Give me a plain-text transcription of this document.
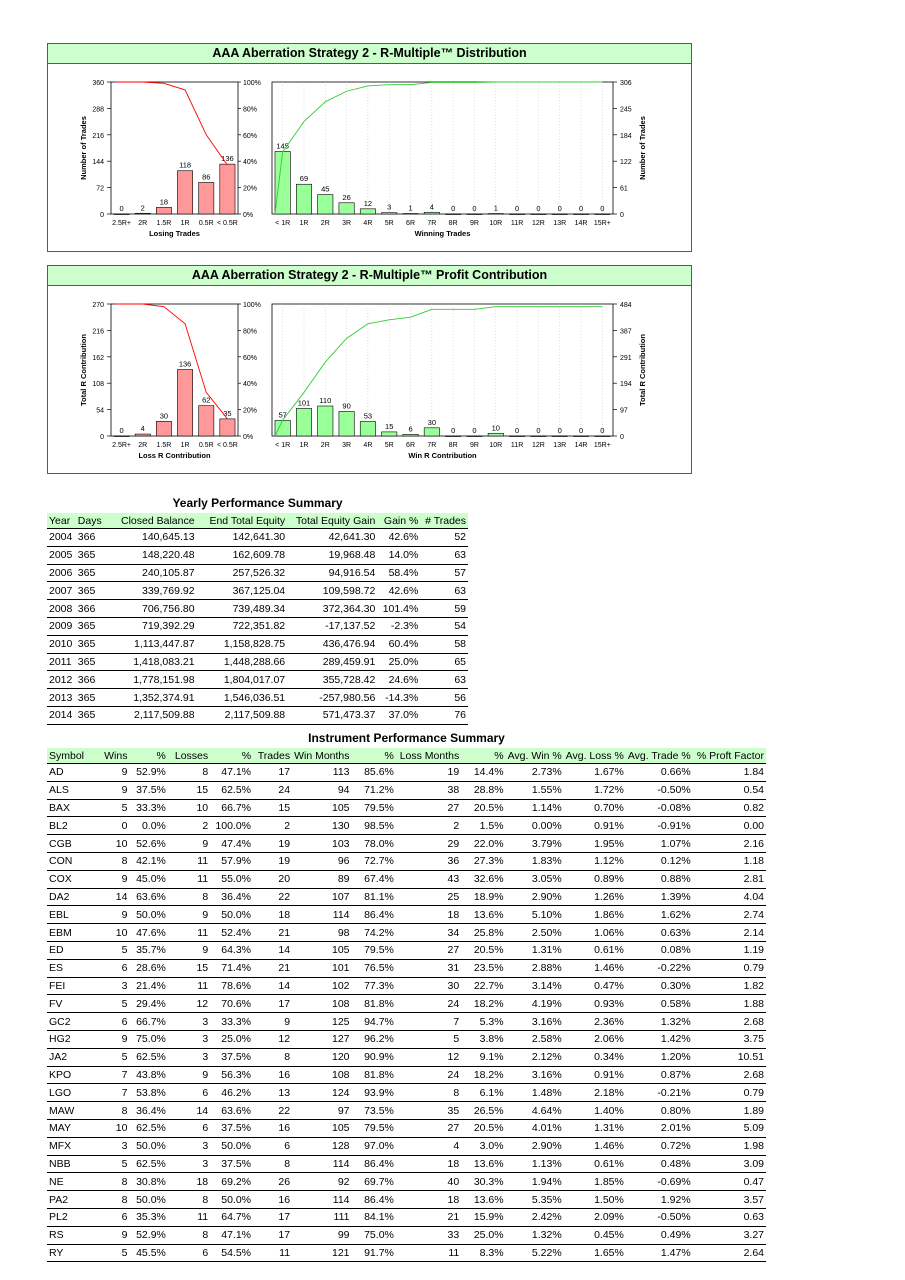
AAA Aberration Strategy 2 - R-Multiple™ Distribution
0
72
144
216
288
360
0%
20%
40%
60%
80%
100%
Number of Trades
0
2.5R+
2
2R
18
1.5R
118
1R
86
0.5R
136
< 0.5R
Losing Trades
0
61
122
184
245
306
Number of Trades
145
< 1R
69
1R
45
2R
26
3R
12
4R
3
5R
1
6R
4
7R
0
8R
0
9R
1
10R
0
11R
0
12R
0
13R
0
14R
0
15R+
Winning Trades
AAA Aberration Strategy 2 - R-Multiple™ Profit Contribution
0
54
108
162
216
270
0%
20%
40%
60%
80%
100%
Total R Contribution
0
2.5R+
4
2R
30
1.5R
136
1R
62
0.5R
35
< 0.5R
Loss R Contribution
0
97
194
291
387
484
Total R Contribution
57
< 1R
101
1R
110
2R
90
3R
53
4R
15
5R
6
6R
30
7R
0
8R
0
9R
10
10R
0
11R
0
12R
0
13R
0
14R
0
15R+
Win R Contribution
Yearly Performance Summary
Year	Days	Closed Balance	End Total Equity	Total Equity Gain	Gain %	# Trades
2004	366	140,645.13	142,641.30	42,641.30	42.6%	52
2005	365	148,220.48	162,609.78	19,968.48	14.0%	63
2006	365	240,105.87	257,526.32	94,916.54	58.4%	57
2007	365	339,769.92	367,125.04	109,598.72	42.6%	63
2008	366	706,756.80	739,489.34	372,364.30	101.4%	59
2009	365	719,392.29	722,351.82	-17,137.52	-2.3%	54
2010	365	1,113,447.87	1,158,828.75	436,476.94	60.4%	58
2011	365	1,418,083.21	1,448,288.66	289,459.91	25.0%	65
2012	366	1,778,151.98	1,804,017.07	355,728.42	24.6%	63
2013	365	1,352,374.91	1,546,036.51	-257,980.56	-14.3%	56
2014	365	2,117,509.88	2,117,509.88	571,473.37	37.0%	76
Instrument Performance Summary
Symbol	Wins	%	Losses	%	Trades	Win Months	%	Loss Months	%	Avg. Win %	Avg. Loss %	Avg. Trade %	% Proft Factor
AD	9	52.9%	8	47.1%	17	113	85.6%	19	14.4%	2.73%	1.67%	0.66%	1.84
ALS	9	37.5%	15	62.5%	24	94	71.2%	38	28.8%	1.55%	1.72%	-0.50%	0.54
BAX	5	33.3%	10	66.7%	15	105	79.5%	27	20.5%	1.14%	0.70%	-0.08%	0.82
BL2	0	0.0%	2	100.0%	2	130	98.5%	2	1.5%	0.00%	0.91%	-0.91%	0.00
CGB	10	52.6%	9	47.4%	19	103	78.0%	29	22.0%	3.79%	1.95%	1.07%	2.16
CON	8	42.1%	11	57.9%	19	96	72.7%	36	27.3%	1.83%	1.12%	0.12%	1.18
COX	9	45.0%	11	55.0%	20	89	67.4%	43	32.6%	3.05%	0.89%	0.88%	2.81
DA2	14	63.6%	8	36.4%	22	107	81.1%	25	18.9%	2.90%	1.26%	1.39%	4.04
EBL	9	50.0%	9	50.0%	18	114	86.4%	18	13.6%	5.10%	1.86%	1.62%	2.74
EBM	10	47.6%	11	52.4%	21	98	74.2%	34	25.8%	2.50%	1.06%	0.63%	2.14
ED	5	35.7%	9	64.3%	14	105	79.5%	27	20.5%	1.31%	0.61%	0.08%	1.19
ES	6	28.6%	15	71.4%	21	101	76.5%	31	23.5%	2.88%	1.46%	-0.22%	0.79
FEI	3	21.4%	11	78.6%	14	102	77.3%	30	22.7%	3.14%	0.47%	0.30%	1.82
FV	5	29.4%	12	70.6%	17	108	81.8%	24	18.2%	4.19%	0.93%	0.58%	1.88
GC2	6	66.7%	3	33.3%	9	125	94.7%	7	5.3%	3.16%	2.36%	1.32%	2.68
HG2	9	75.0%	3	25.0%	12	127	96.2%	5	3.8%	2.58%	2.06%	1.42%	3.75
JA2	5	62.5%	3	37.5%	8	120	90.9%	12	9.1%	2.12%	0.34%	1.20%	10.51
KPO	7	43.8%	9	56.3%	16	108	81.8%	24	18.2%	3.16%	0.91%	0.87%	2.68
LGO	7	53.8%	6	46.2%	13	124	93.9%	8	6.1%	1.48%	2.18%	-0.21%	0.79
MAW	8	36.4%	14	63.6%	22	97	73.5%	35	26.5%	4.64%	1.40%	0.80%	1.89
MAY	10	62.5%	6	37.5%	16	105	79.5%	27	20.5%	4.01%	1.31%	2.01%	5.09
MFX	3	50.0%	3	50.0%	6	128	97.0%	4	3.0%	2.90%	1.46%	0.72%	1.98
NBB	5	62.5%	3	37.5%	8	114	86.4%	18	13.6%	1.13%	0.61%	0.48%	3.09
NE	8	30.8%	18	69.2%	26	92	69.7%	40	30.3%	1.94%	1.85%	-0.69%	0.47
PA2	8	50.0%	8	50.0%	16	114	86.4%	18	13.6%	5.35%	1.50%	1.92%	3.57
PL2	6	35.3%	11	64.7%	17	111	84.1%	21	15.9%	2.42%	2.09%	-0.50%	0.63
RS	9	52.9%	8	47.1%	17	99	75.0%	33	25.0%	1.32%	0.45%	0.49%	3.27
RY	5	45.5%	6	54.5%	11	121	91.7%	11	8.3%	5.22%	1.65%	1.47%	2.64
